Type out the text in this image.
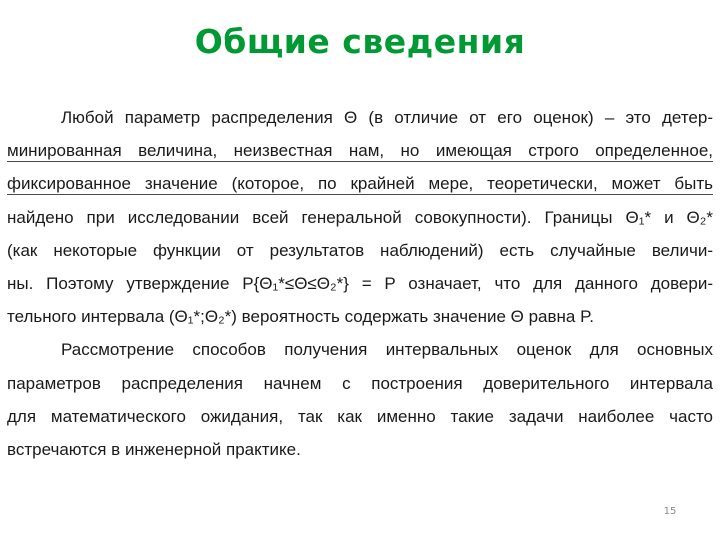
Общие сведения
Любой параметр распределения Θ (в отличие от его оценок) – это детер-
минированная величина, неизвестная нам, но имеющая строго определенное,
фиксированное значение (которое, по крайней мере, теоретически, может быть
найдено при исследовании всей генеральной совокупности). Границы Θ₁* и Θ₂*
(как некоторые функции от результатов наблюдений) есть случайные величи-
ны. Поэтому утверждение P{Θ₁*≤Θ≤Θ₂*} = P означает, что для данного довери-
тельного интервала (Θ₁*;Θ₂*) вероятность содержать значение Θ равна P.
Рассмотрение способов получения интервальных оценок для основных
параметров распределения начнем с построения доверительного интервала
для математического ожидания, так как именно такие задачи наиболее часто
встречаются в инженерной практике.
15
